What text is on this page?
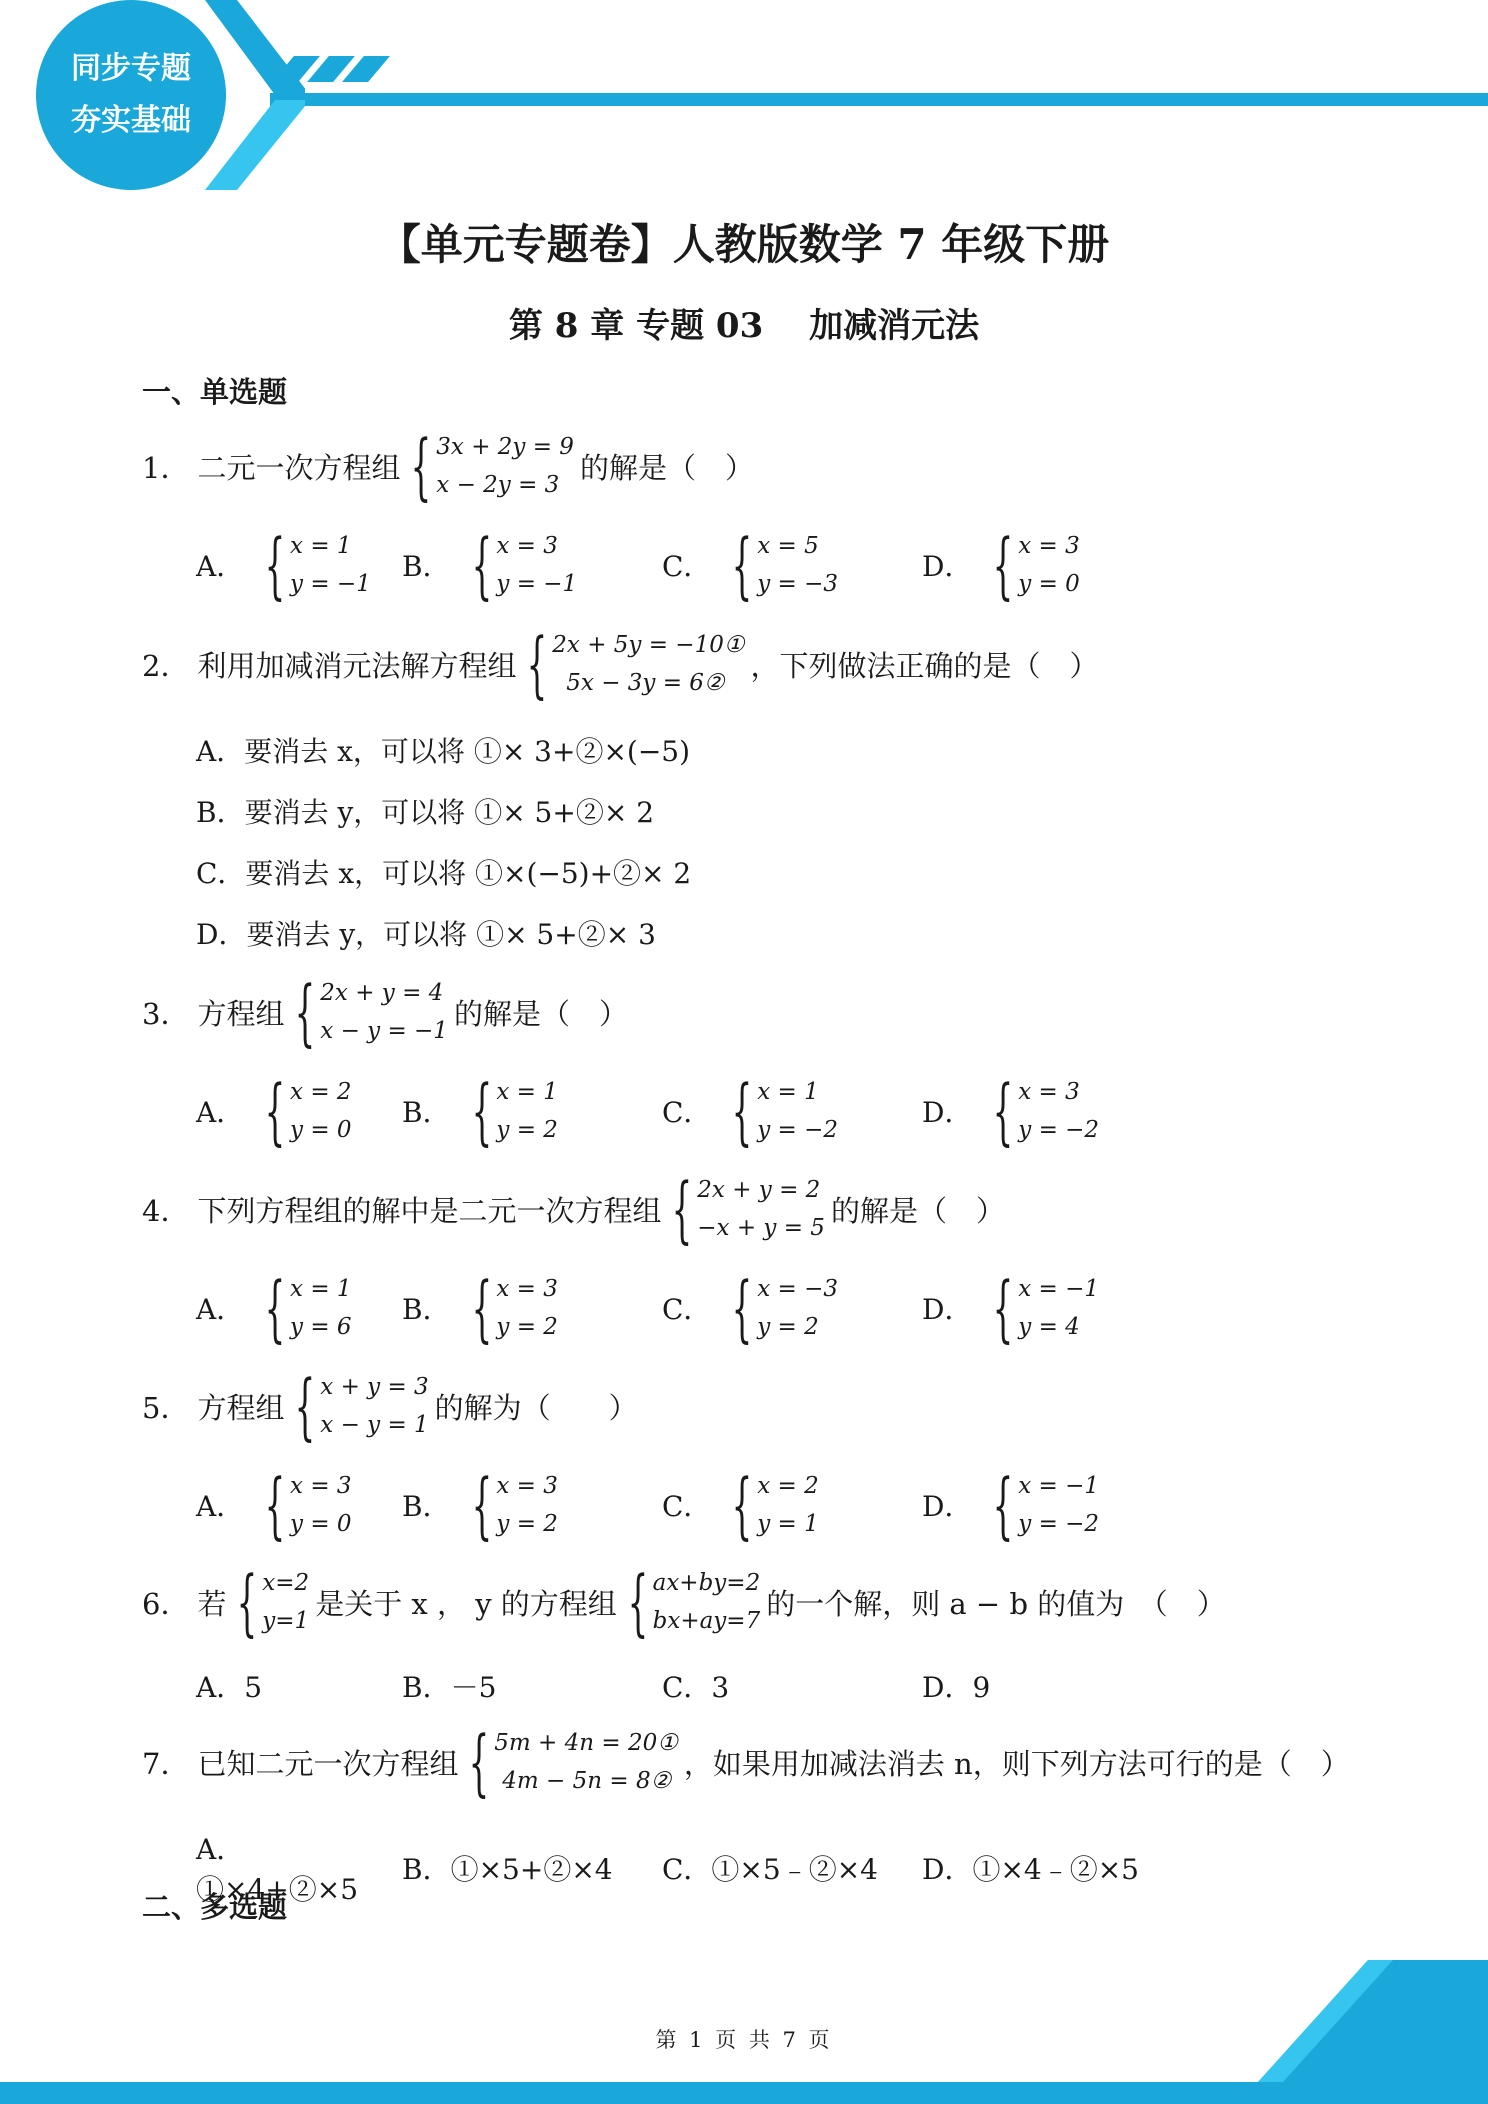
同步专题
夯实基础
【单元专题卷】人教版数学 7 年级下册
第 8 章 专题 03　 加减消元法
一、单选题
1． 二元一次方程组 { 3x + 2y = 9
x − 2y = 3
的解是（　）
A． { x = 1
y = −1
B． { x = 3
y = −1
C． { x = 5
y = −3
D． { x = 3
y = 0
2． 利用加减消元法解方程组 { 2x + 5y = −10①
5x − 3y = 6②
，下列做法正确的是（　）
A．要消去 x，可以将 ①× 3+②×(−5)
B．要消去 y，可以将 ①× 5+②× 2
C．要消去 x，可以将 ①×(−5)+②× 2
D．要消去 y，可以将 ①× 5+②× 3
3． 方程组 { 2x + y = 4
x − y = −1
的解是（　）
A． { x = 2
y = 0
B． { x = 1
y = 2
C． { x = 1
y = −2
D． { x = 3
y = −2
4． 下列方程组的解中是二元一次方程组 { 2x + y = 2
−x + y = 5
的解是（　）
A． { x = 1
y = 6
B． { x = 3
y = 2
C． { x = −3
y = 2
D． { x = −1
y = 4
5． 方程组 { x + y = 3
x − y = 1
的解为（　　）
A． { x = 3
y = 0
B． { x = 3
y = 2
C． { x = 2
y = 1
D． { x = −1
y = −2
6． 若 { x=2
y=1
是关于 x ， y 的方程组 { ax+by=2
bx+ay=7
的一个解，则 a − b 的值为　（　）
A．5	B．－5	C．3	D．9
7． 已知二元一次方程组 { 5m + 4n = 20①
4m − 5n = 8②
，如果用加减法消去 n，则下列方法可行的是（　）
A．①×4+②×5
B．①×5+②×4	C．①×5﹣②×4	D．①×4﹣②×5
二、多选题
第 1 页 共 7 页
